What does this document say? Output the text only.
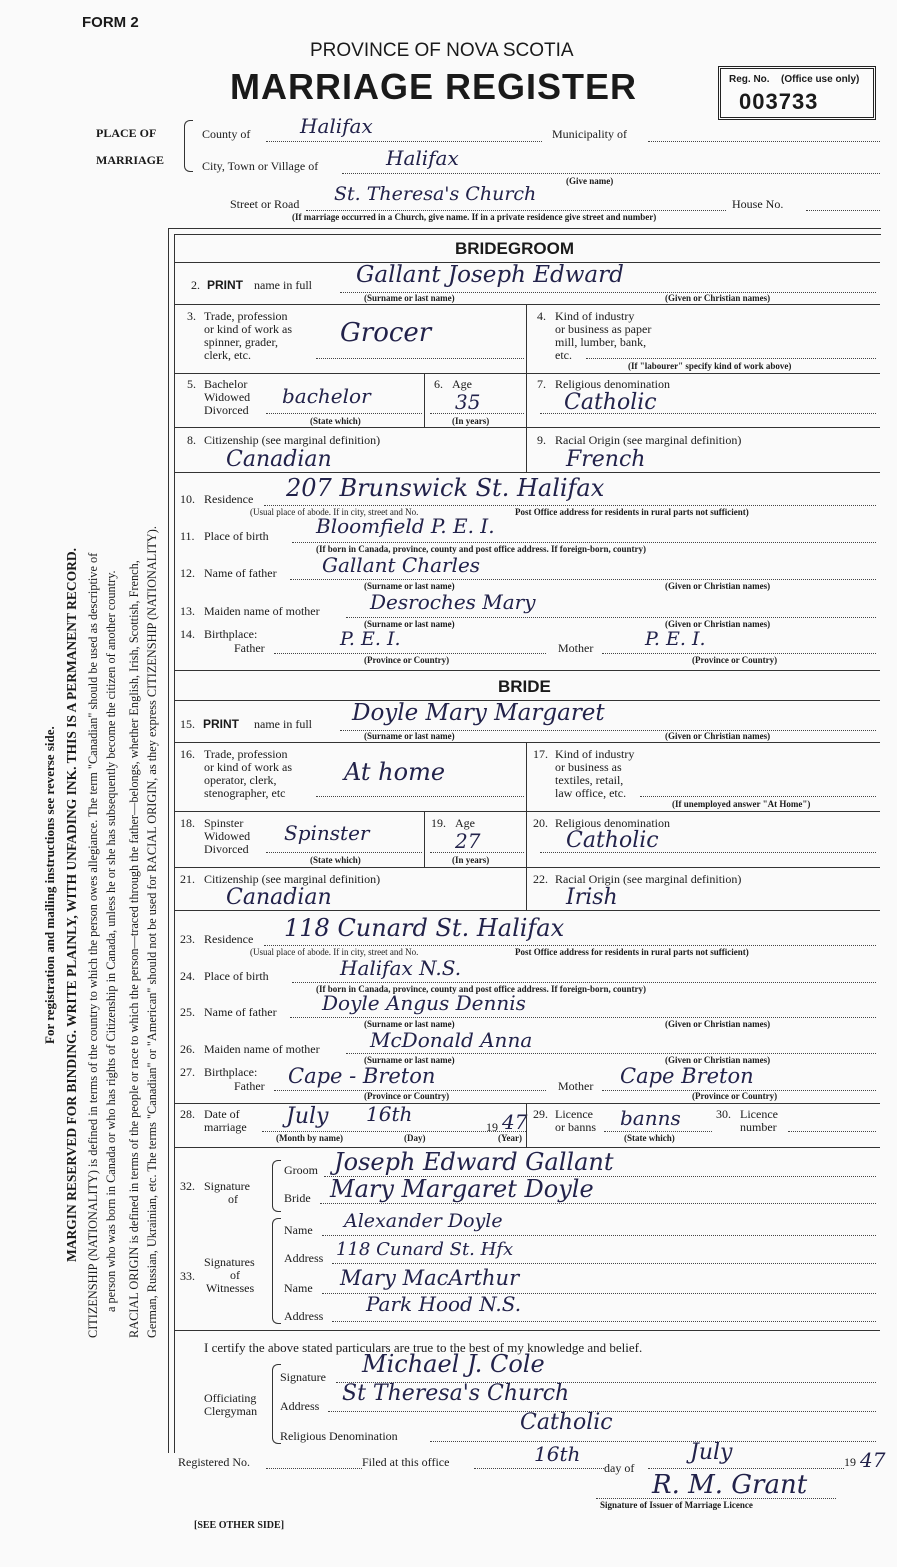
FORM 2
PROVINCE OF NOVA SCOTIA
MARRIAGE REGISTER	Reg. No. (Office use only)
003733
PLACE OF
MARRIAGE
County of Halifax	Municipality of
City, Town or Village of	Halifax
(Give name)
Street or Road St. Theresa's Church	House No.
(If marriage occurred in a Church, give name. If in a private residence give street and number)
BRIDEGROOM
2. PRINT name in full Gallant Joseph Edward
(Surname or last name)	(Given or Christian names)
3. Trade, profession
or kind of work as
spinner, grader,
clerk, etc.
Grocer
4. Kind of industry
or business as paper
mill, lumber, bank,
etc.
(If "labourer" specify kind of work above)
5. Bachelor
Widowed
Divorced
bachelor
(State which)
6. Age
35
(In years)
7. Religious denomination
Catholic
8. Citizenship (see marginal definition)
Canadian
9. Racial Origin (see marginal definition)
French
10. Residence 207 Brunswick St. Halifax
(Usual place of abode. If in city, street and No.	Post Office address for residents in rural parts not sufficient)
11. Place of birth Bloomfield P. E. I.
(If born in Canada, province, county and post office address. If foreign-born, country)
12. Name of father Gallant Charles
(Surname or last name)	(Given or Christian names)
13. Maiden name of mother	Desroches Mary
(Surname or last name)	(Given or Christian names)
14. Birthplace:
Father	P. E. I.
(Province or Country)
Mother	P. E. I.
(Province or Country)
BRIDE
15. PRINT name in full Doyle Mary Margaret
(Surname or last name)	(Given or Christian names)
16. Trade, profession
or kind of work as
operator, clerk,
stenographer, etc
At home
17. Kind of industry
or business as
textiles, retail,
law office, etc.
(If unemployed answer "At Home")
18. Spinster
Widowed
Divorced
Spinster
(State which)
19. Age
27
(In years)
20. Religious denomination
Catholic
21. Citizenship (see marginal definition)
Canadian
22. Racial Origin (see marginal definition)
Irish
23. Residence 118 Cunard St. Halifax
(Usual place of abode. If in city, street and No.	Post Office address for residents in rural parts not sufficient)
24. Place of birth	Halifax N.S.
(If born in Canada, province, county and post office address. If foreign-born, country)
25. Name of father Doyle Angus Dennis
(Surname or last name)	(Given or Christian names)
26. Maiden name of mother	McDonald Anna
(Surname or last name)	(Given or Christian names)
27. Birthplace:
Father Cape - Breton
(Province or Country)
Mother Cape Breton
(Province or Country)
28. Date of
marriage July 16th
19 47
(Month by name)	(Day)	(Year)
29. Licence
or banns banns
(State which)
30. Licence
number
32. Signature
of
Groom Joseph Edward Gallant
Bride Mary Margaret Doyle
33.
Signatures
of
Witnesses
Name Alexander Doyle
Address 118 Cunard St. Hfx
Name Mary MacArthur
Address Park Hood N.S.
I certify the above stated particulars are true to the best of my knowledge and belief.
Officiating
Clergyman
Signature Michael J. Cole
Address St Theresa's Church
Religious Denomination
Catholic
Registered No.	Filed at this office	16th
day of
July	19 47
R. M. Grant
Signature of Issuer of Marriage Licence
[SEE OTHER SIDE]
For registration and mailing instructions see reverse side. MARGIN RESERVED FOR BINDING. WRITE PLAINLY, WITH UNFADING INK. THIS IS A PERMANENT RECORD. CITIZENSHIP (NATIONALITY) is defined in terms of the country to which the person owes allegiance. The term "Canadian" should be used as descriptive of a person who was born in Canada or who has rights of Citizenship in Canada, unless he or she has subsequently become the citizen of another country. RACIAL ORIGIN is defined in terms of the people or race to which the person—traced through the father—belongs, whether English, Irish, Scottish, French, German, Russian, Ukrainian, etc. The terms "Canadian" or "American" should not be used for RACIAL ORIGIN, as they express CITIZENSHIP (NATIONALITY).
